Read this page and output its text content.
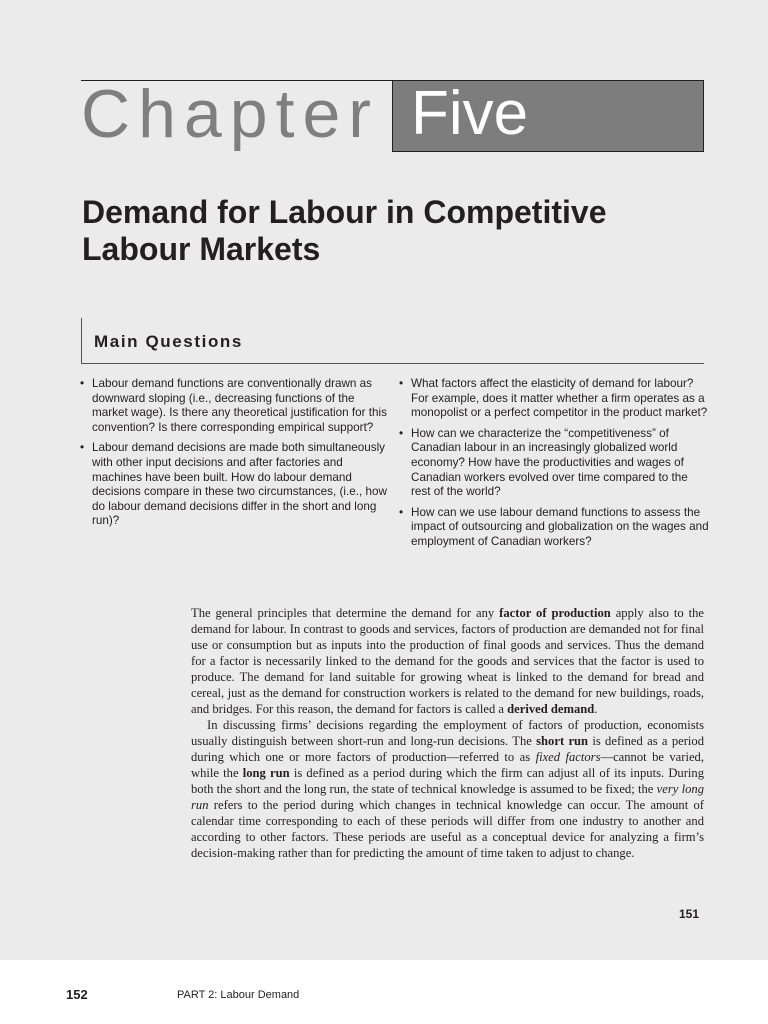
Chapter Five
Demand for Labour in Competitive Labour Markets
Main Questions
• Labour demand functions are conventionally drawn as downward sloping (i.e., decreasing functions of the market wage). Is there any theoretical justification for this convention? Is there corresponding empirical support?
• Labour demand decisions are made both simultaneously with other input decisions and after factories and machines have been built. How do labour demand decisions compare in these two circumstances, (i.e., how do labour demand decisions differ in the short and long run)?
• What factors affect the elasticity of demand for labour? For example, does it matter whether a firm operates as a monopolist or a perfect competitor in the product market?
• How can we characterize the “competitiveness” of Canadian labour in an increasingly globalized world economy? How have the productivities and wages of Canadian workers evolved over time compared to the rest of the world?
• How can we use labour demand functions to assess the impact of outsourcing and globalization on the wages and employment of Canadian workers?

The general principles that determine the demand for any factor of production apply also to the demand for labour. In contrast to goods and services, factors of production are demanded not for final use or consumption but as inputs into the production of final goods and services. Thus the demand for a factor is necessarily linked to the demand for the goods and services that the factor is used to produce. The demand for land suitable for growing wheat is linked to the demand for bread and cereal, just as the demand for construction workers is related to the demand for new buildings, roads, and bridges. For this reason, the demand for factors is called a derived demand.

In discussing firms’ decisions regarding the employment of factors of production, economists usually distinguish between short-run and long-run decisions. The short run is defined as a period during which one or more factors of production—referred to as fixed factors—cannot be varied, while the long run is defined as a period during which the firm can adjust all of its inputs. During both the short and the long run, the state of technical knowledge is assumed to be fixed; the very long run refers to the period during which changes in technical knowledge can occur. The amount of calendar time corresponding to each of these periods will differ from one industry to another and according to other factors. These periods are useful as a conceptual device for analyzing a firm’s decision-making rather than for predicting the amount of time taken to adjust to change.

151
152	PART 2: Labour Demand
